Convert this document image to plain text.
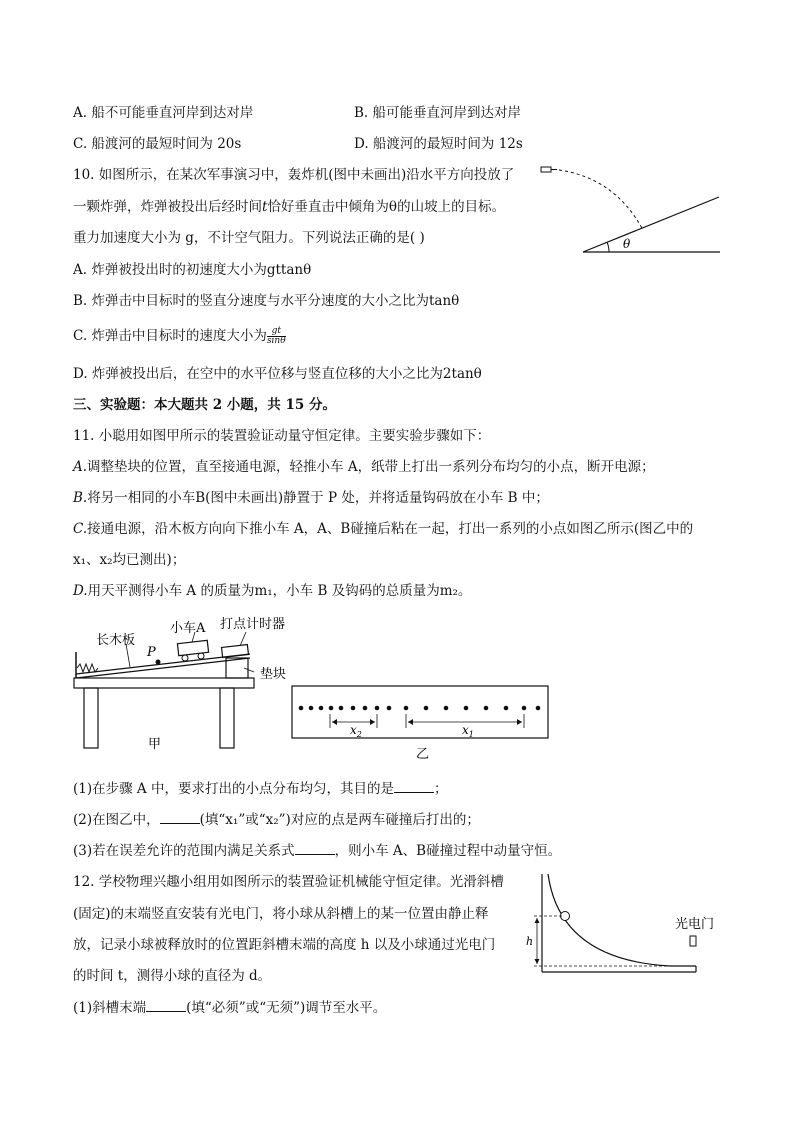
A. 船不可能垂直河岸到达对岸	B. 船可能垂直河岸到达对岸
C. 船渡河的最短时间为 20s	D. 船渡河的最短时间为 12s
10. 如图所示，在某次军事演习中，轰炸机(图中未画出)沿水平方向投放了
一颗炸弹，炸弹被投出后经时间t恰好垂直击中倾角为θ的山坡上的目标。
重力加速度大小为 g，不计空气阻力。下列说法正确的是( )
A. 炸弹被投出时的初速度大小为gttanθ
B. 炸弹击中目标时的竖直分速度与水平分速度的大小之比为tanθ
C. 炸弹击中目标时的速度大小为 $\frac{gt}{\sin\theta}$
D. 炸弹被投出后，在空中的水平位移与竖直位移的大小之比为2tanθ
θ
三、实验题：本大题共 2 小题，共 15 分。
11. 小聪用如图甲所示的装置验证动量守恒定律。主要实验步骤如下：
A.调整垫块的位置，直至接通电源，轻推小车 A，纸带上打出一系列分布均匀的小点，断开电源；
B.将另一相同的小车B(图中未画出)静置于 P 处，并将适量钩码放在小车 B 中；
C.接通电源，沿木板方向向下推小车 A，A、B碰撞后粘在一起，打出一系列的小点如图乙所示(图乙中的
x₁、x₂均已测出)；
D.用天平测得小车 A 的质量为m₁，小车 B 及钩码的总质量为m₂。
长木板
P
小车A 打点计时器
垫块
甲
$x_2$	$x_1$
乙
(1)在步骤 A 中，要求打出的小点分布均匀，其目的是	；
(2)在图乙中，	(填“x₁”或“x₂”)对应的点是两车碰撞后打出的；
(3)若在误差允许的范围内满足关系式	，则小车 A、B碰撞过程中动量守恒。
12. 学校物理兴趣小组用如图所示的装置验证机械能守恒定律。光滑斜槽
(固定)的末端竖直安装有光电门，将小球从斜槽上的某一位置由静止释
放，记录小球被释放时的位置距斜槽末端的高度 h 以及小球通过光电门
的时间 t，测得小球的直径为 d。
(1)斜槽末端	(填“必须”或“无须”)调节至水平。
h
光电门
